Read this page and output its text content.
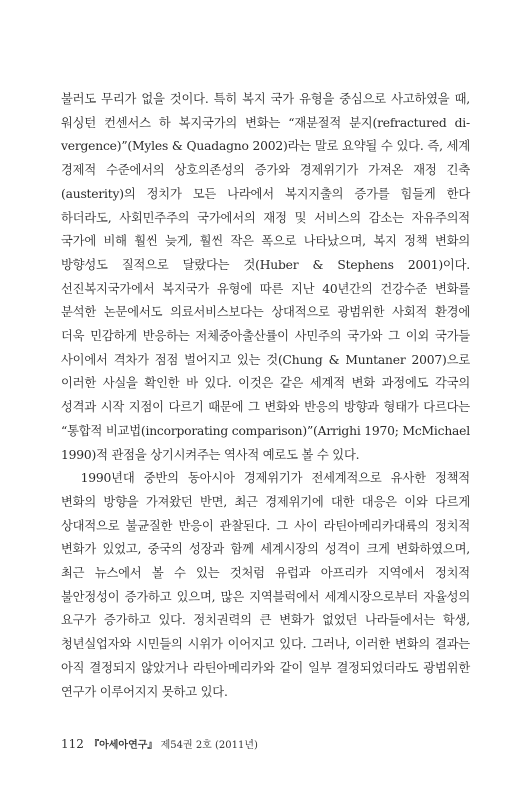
불러도 무리가 없을 것이다. 특히 복지 국가 유형을 중심으로 사고하였을 때, 워싱턴 컨센서스 하 복지국가의 변화는 “재분절적 분지(refractured di-vergence)”(Myles & Quadagno 2002)라는 말로 요약될 수 있다. 즉, 세계 경제적 수준에서의 상호의존성의 증가와 경제위기가 가져온 재정 긴축(austerity)의 정치가 모든 나라에서 복지지출의 증가를 힘들게 한다 하더라도, 사회민주주의 국가에서의 재정 및 서비스의 감소는 자유주의적 국가에 비해 훨씬 늦게, 훨씬 작은 폭으로 나타났으며, 복지 정책 변화의 방향성도 질적으로 달랐다는 것(Huber & Stephens 2001)이다. 선진복지국가에서 복지국가 유형에 따른 지난 40년간의 건강수준 변화를 분석한 논문에서도 의료서비스보다는 상대적으로 광범위한 사회적 환경에 더욱 민감하게 반응하는 저체중아출산률이 사민주의 국가와 그 이외 국가들 사이에서 격차가 점점 벌어지고 있는 것(Chung & Muntaner 2007)으로 이러한 사실을 확인한 바 있다. 이것은 같은 세계적 변화 과정에도 각국의 성격과 시작 지점이 다르기 때문에 그 변화와 반응의 방향과 형태가 다르다는 “통합적 비교법(incorporating comparison)”(Arrighi 1970; McMichael 1990)적 관점을 상기시켜주는 역사적 예로도 볼 수 있다.

1990년대 중반의 동아시아 경제위기가 전세계적으로 유사한 정책적 변화의 방향을 가져왔던 반면, 최근 경제위기에 대한 대응은 이와 다르게 상대적으로 불균질한 반응이 관찰된다. 그 사이 라틴아메리카대륙의 정치적 변화가 있었고, 중국의 성장과 함께 세계시장의 성격이 크게 변화하였으며, 최근 뉴스에서 볼 수 있는 것처럼 유럽과 아프리카 지역에서 정치적 불안정성이 증가하고 있으며, 많은 지역블럭에서 세계시장으로부터 자율성의 요구가 증가하고 있다. 정치권력의 큰 변화가 없었던 나라들에서는 학생, 청년실업자와 시민들의 시위가 이어지고 있다. 그러나, 이러한 변화의 결과는 아직 결정되지 않았거나 라틴아메리카와 같이 일부 결정되었더라도 광범위한 연구가 이루어지지 못하고 있다.

112 『아세아연구』 제54권 2호 (2011년)
